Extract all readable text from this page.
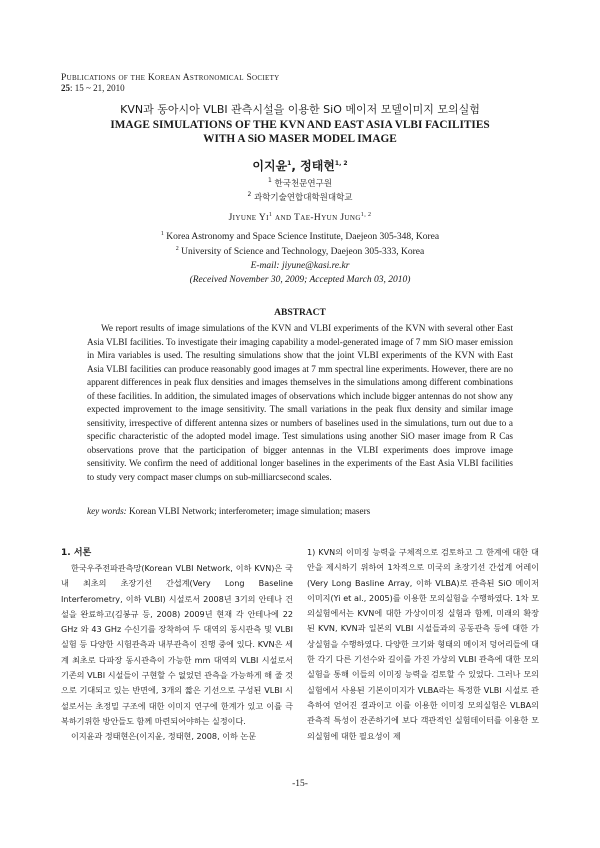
Publications of the Korean Astronomical Society
25: 15 ~ 21, 2010
KVN과 동아시아 VLBI 관측시설을 이용한 SiO 메이저 모델이미지 모의실험
IMAGE SIMULATIONS OF THE KVN AND EAST ASIA VLBI FACILITIES
WITH A SiO MASER MODEL IMAGE
이지윤$^1$, 정태현$^{1, 2}$
$^1$ 한국천문연구원
$^2$ 과학기술연합대학원대학교
Jiyune Yi$^1$ and Tae-Hyun Jung$^{1, 2}$
$^1$ Korea Astronomy and Space Science Institute, Daejeon 305-348, Korea
$^2$ University of Science and Technology, Daejeon 305-333, Korea
E-mail: jiyune@kasi.re.kr
(Received November 30, 2009; Accepted March 03, 2010)
ABSTRACT

We report results of image simulations of the KVN and VLBI experiments of the KVN with several other East Asia VLBI facilities. To investigate their imaging capability a model-generated image of 7 mm SiO maser emission in Mira variables is used. The resulting simulations show that the joint VLBI experiments of the KVN with East Asia VLBI facilities can produce reasonably good images at 7 mm spectral line experiments. However, there are no apparent differences in peak flux densities and images themselves in the simulations among different combinations of these facilities. In addition, the simulated images of observations which include bigger antennas do not show any expected improvement to the image sensitivity. The small variations in the peak flux density and similar image sensitivity, irrespective of different antenna sizes or numbers of baselines used in the simulations, turn out due to a specific characteristic of the adopted model image. Test simulations using another SiO maser image from R Cas observations prove that the participation of bigger antennas in the VLBI experiments does improve image sensitivity. We confirm the need of additional longer baselines in the experiments of the East Asia VLBI facilities to study very compact maser clumps on sub-milliarcsecond scales.

key words: Korean VLBI Network; interferometer; image simulation; masers
1. 서론

한국우주전파관측망(Korean VLBI Network, 이하 KVN)은 국내 최초의 초장기선 간섭계(Very Long Baseline Interferometry, 이하 VLBI) 시설로서 2008년 3기의 안테나 건설을 완료하고(김봉규 등, 2008) 2009년 현재 각 안테나에 22 GHz 와 43 GHz 수신기를 장착하여 두 대역의 동시관측 및 VLBI 실험 등 다양한 시험관측과 내부관측이 진행 중에 있다. KVN은 세계 최초로 다파장 동시관측이 가능한 mm 대역의 VLBI 시설로서 기존의 VLBI 시설들이 구현할 수 없었던 관측을 가능하게 해 줄 것으로 기대되고 있는 반면에, 3개의 짧은 기선으로 구성된 VLBI 시설로서는 초정밀 구조에 대한 이미지 연구에 한계가 있고 이를 극복하기위한 방안들도 함께 마련되어야하는 실정이다.

이지윤과 정태현은(이지윤, 정태현, 2008, 이하 논문

1) KVN의 이미징 능력을 구체적으로 검토하고 그 한계에 대한 대안을 제시하기 위하여 1차적으로 미국의 초장기선 간섭계 어레이(Very Long Basline Array, 이하 VLBA)로 관측된 SiO 메이저 이미지(Yi et al., 2005)를 이용한 모의실험을 수행하였다. 1차 모의실험에서는 KVN에 대한 가상이미징 실험과 함께, 미래의 확장된 KVN, KVN과 일본의 VLBI 시설들과의 공동관측 등에 대한 가상실험을 수행하였다. 다양한 크기와 형태의 메이저 덩어리들에 대한 각기 다른 기선수와 길이를 가진 가상의 VLBI 관측에 대한 모의실험을 통해 이들의 이미징 능력을 검토할 수 있었다. 그러나 모의실험에서 사용된 기본이미지가 VLBA라는 특정한 VLBI 시설로 관측하여 얻어진 결과이고 이를 이용한 이미징 모의실험은 VLBA의 관측적 특성이 잔존하기에 보다 객관적인 실험데이터를 이용한 모의실험에 대한 필요성이 제

-15-
